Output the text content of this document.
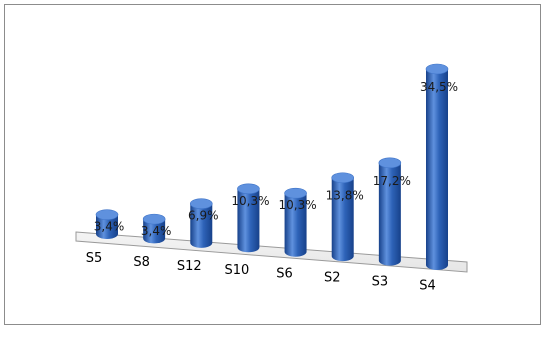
3,4% 3,4%
6,9%
10,3% 10,3%
13,8%
17,2%
34,5%
S5 S8 S12 S10 S6 S2 S3 S4
